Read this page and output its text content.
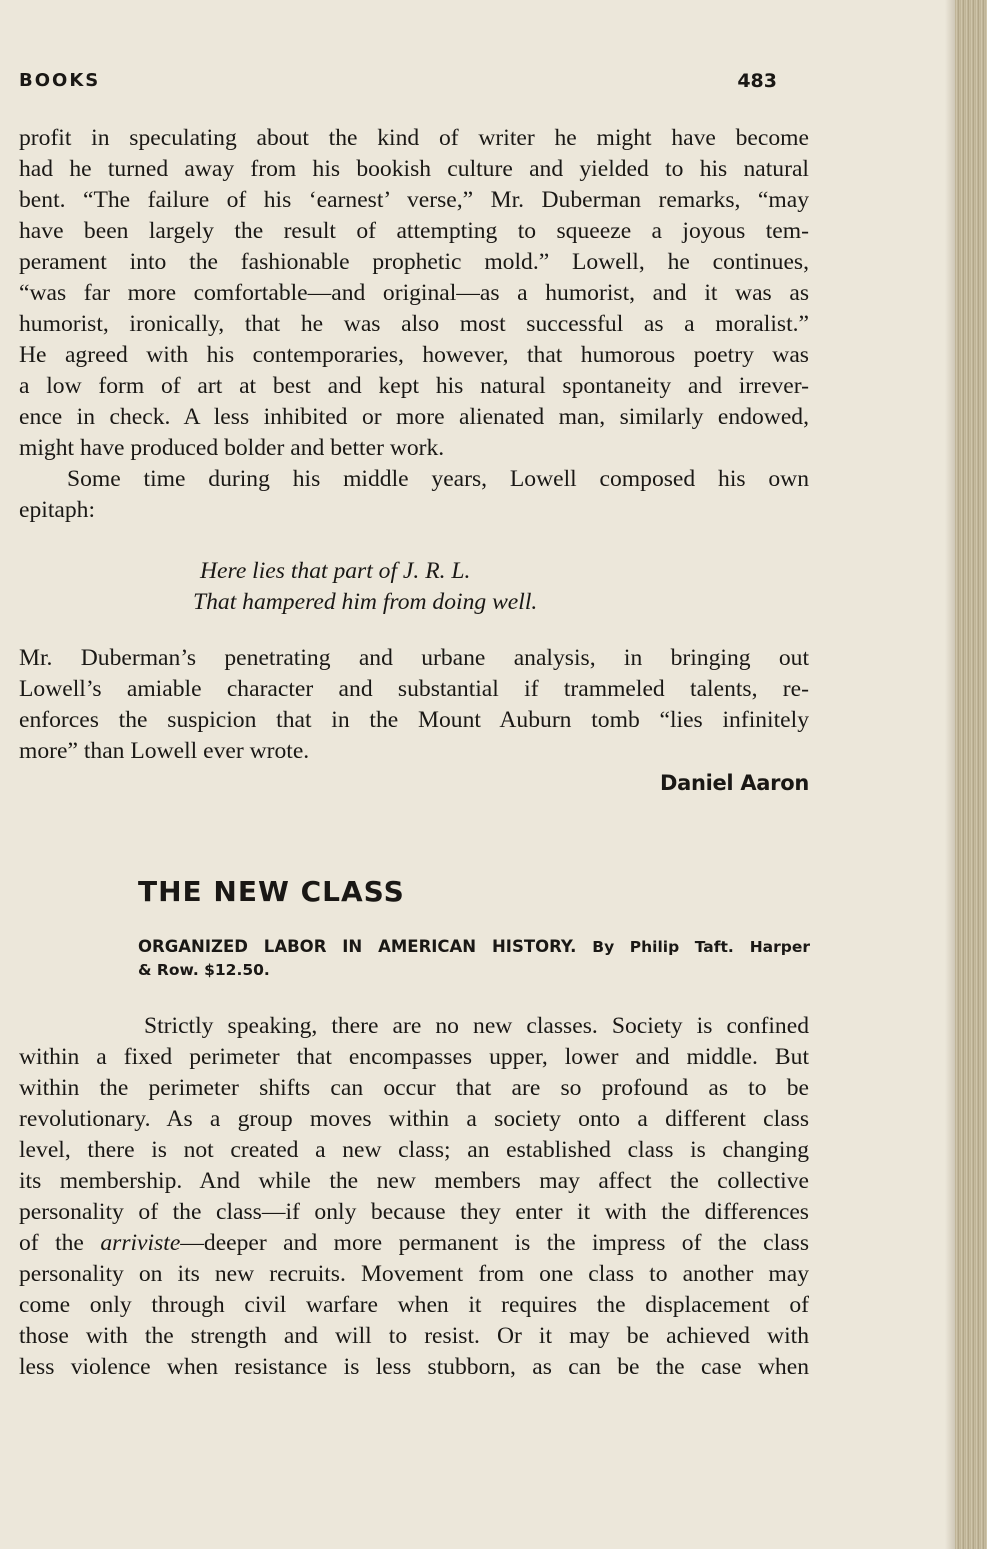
BOOKS	483
profit in speculating about the kind of writer he might have become
had he turned away from his bookish culture and yielded to his natural
bent. “The failure of his ‘earnest’ verse,” Mr. Duberman remarks, “may
have been largely the result of attempting to squeeze a joyous tem-
perament into the fashionable prophetic mold.” Lowell, he continues,
“was far more comfortable—and original—as a humorist, and it was as
humorist, ironically, that he was also most successful as a moralist.”
He agreed with his contemporaries, however, that humorous poetry was
a low form of art at best and kept his natural spontaneity and irrever-
ence in check. A less inhibited or more alienated man, similarly endowed,
might have produced bolder and better work.
Some time during his middle years, Lowell composed his own
epitaph:
Here lies that part of J. R. L.
That hampered him from doing well.
Mr. Duberman’s penetrating and urbane analysis, in bringing out
Lowell’s amiable character and substantial if trammeled talents, re-
enforces the suspicion that in the Mount Auburn tomb “lies infinitely
more” than Lowell ever wrote.
Daniel Aaron
THE NEW CLASS
ORGANIZED LABOR IN AMERICAN HISTORY. By Philip Taft. Harper
& Row. $12.50.
Strictly speaking, there are no new classes. Society is confined
within a fixed perimeter that encompasses upper, lower and middle. But
within the perimeter shifts can occur that are so profound as to be
revolutionary. As a group moves within a society onto a different class
level, there is not created a new class; an established class is changing
its membership. And while the new members may affect the collective
personality of the class—if only because they enter it with the differences
of the arriviste—deeper and more permanent is the impress of the class
personality on its new recruits. Movement from one class to another may
come only through civil warfare when it requires the displacement of
those with the strength and will to resist. Or it may be achieved with
less violence when resistance is less stubborn, as can be the case when
